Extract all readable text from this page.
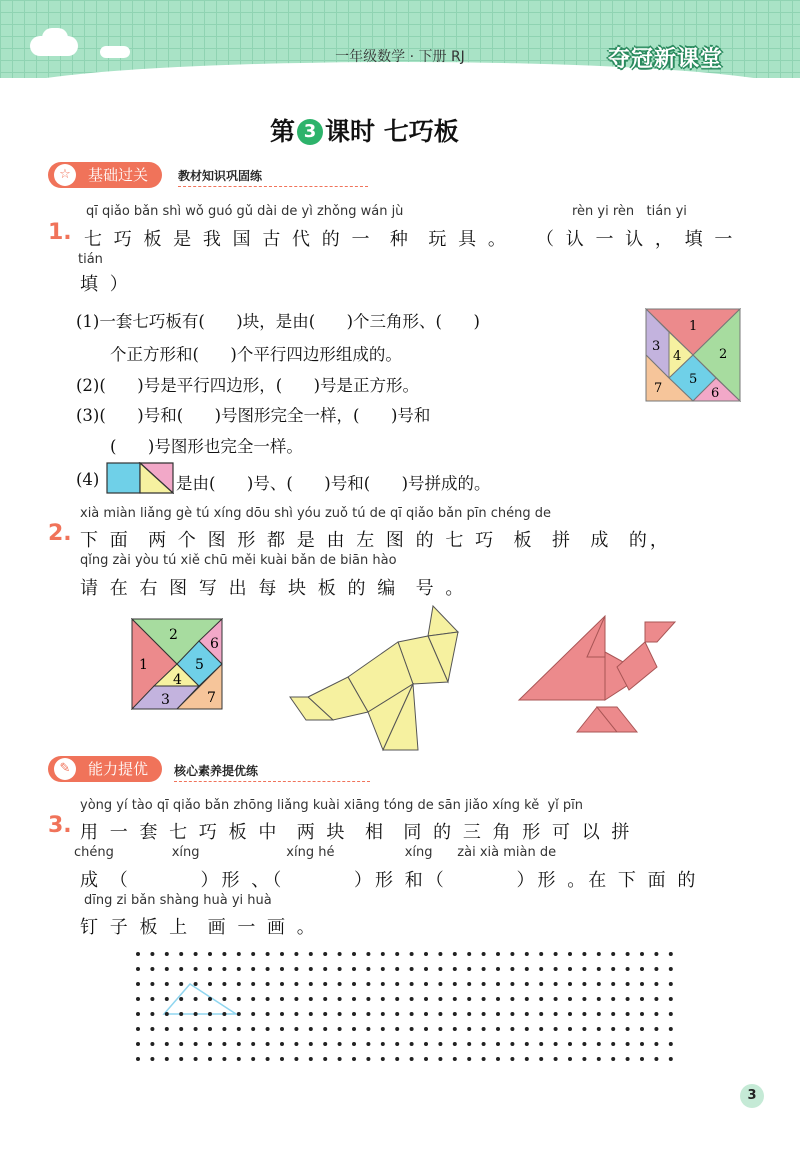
一年级数学 · 下册 RJ	夺冠新课堂
第 3 课时 七巧板
基础过关
☆	教材知识巩固练
1.
qī qiǎo bǎn shì wǒ guó gǔ dài de yì zhǒng wán jù
七 巧 板 是 我 国 古 代 的 一  种  玩 具 。
rèn yi rèn   tián yi
（ 认 一 认 ， 填 一
tián
填 ）
(1)一套七巧板有(      )块，是由(      )个三角形、(      )
个正方形和(      )个平行四边形组成的。
(2)(      )号是平行四边形，(      )号是正方形。
(3)(      )号和(      )号图形完全一样，(      )号和
(      )号图形也完全一样。
(4)	是由(      )号、(      )号和(      )号拼成的。
1
2
3
4
5
6
7
2.
xià miàn liǎng gè tú xíng dōu shì yóu zuǒ tú de qī qiǎo bǎn pīn chéng de
下 面  两 个 图 形 都 是 由 左 图 的 七 巧  板  拼  成  的，
qǐng zài yòu tú xiě chū měi kuài bǎn de biān hào
请 在 右 图 写 出 每 块 板 的 编  号 。
1
2
3
4
5
6
7
能力提优
✎	核心素养提优练
3.
yòng yí tào qī qiǎo bǎn zhōng liǎng kuài xiāng tóng de sān jiǎo xíng kě  yǐ pīn
用 一 套 七 巧 板 中  两 块  相  同 的 三 角 形 可 以 拼
chéng              xíng                     xíng hé                 xíng      zài xià miàn de
成 （        ）形 、（        ）形 和（        ）形 。在 下 面 的
dīng zi bǎn shàng huà yi huà
钉 子 板 上  画 一 画 。
3
